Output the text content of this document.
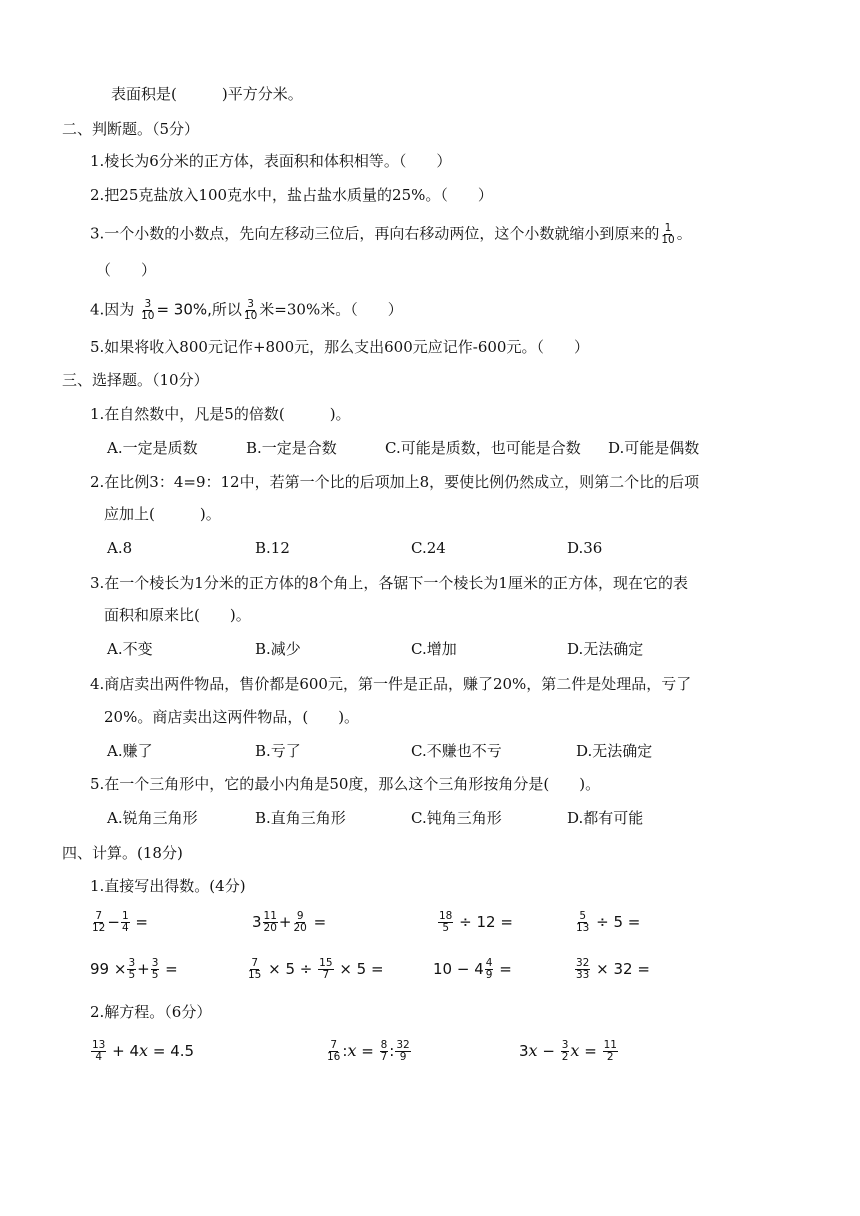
表面积是(　　　)平方分米。
二、判断题。（5分）
1.棱长为6分米的正方体，表面积和体积相等。（　　）
2.把25克盐放入100克水中，盐占盐水质量的25%。（　　）
3.一个小数的小数点，先向左移动三位后，再向右移动两位，这个小数就缩小到原来的 $\frac{1}{10}$ 。
（　　）
4.因为 $\frac{3}{10} = 30\%$,所以 $\frac{3}{10}$ 米=30%米。（　　）
5.如果将收入800元记作+800元，那么支出600元应记作-600元。（　　）
三、选择题。（10分）
1.在自然数中，凡是5的倍数(　　　)。
A.一定是质数	B.一定是合数	C.可能是质数，也可能是合数 D.可能是偶数
2.在比例3：4=9：12中，若第一个比的后项加上8，要使比例仍然成立，则第二个比的后项
应加上(　　　)。
A.8	B.12	C.24	D.36
3.在一个棱长为1分米的正方体的8个角上，各锯下一个棱长为1厘米的正方体，现在它的表
面积和原来比(　　)。
A.不变	B.减少	C.增加	D.无法确定
4.商店卖出两件物品，售价都是600元，第一件是正品，赚了20%，第二件是处理品，亏了
20%。商店卖出这两件物品，(　　)。
A.赚了	B.亏了	C.不赚也不亏	D.无法确定
5.在一个三角形中，它的最小内角是50度，那么这个三角形按角分是(　　)。
A.锐角三角形	B.直角三角形	C.钝角三角形	D.都有可能
四、计算。(18分)
1.直接写出得数。(4分)
$\frac{7}{12} - \frac{1}{4}$ =	$3 \frac{11}{20} + \frac{9}{20}$ =	$\frac{18}{5} \div 12$ =	$\frac{5}{13} \div 5$ =
$99 \times \frac{3}{5} + \frac{3}{5}$ =	$\frac{7}{15} \times 5 \div \frac{15}{7} \times 5$ =	$10 - 4 \frac{4}{9}$ =	$\frac{32}{33} \times 32$ =
2.解方程。（6分）
$\frac{13}{4} + 4x = 4.5$	$\frac{7}{16}$ :x = $\frac{8}{7}$ : $\frac{32}{9}$	$3x - \frac{3}{2}$ $x = \frac{11}{2}$
